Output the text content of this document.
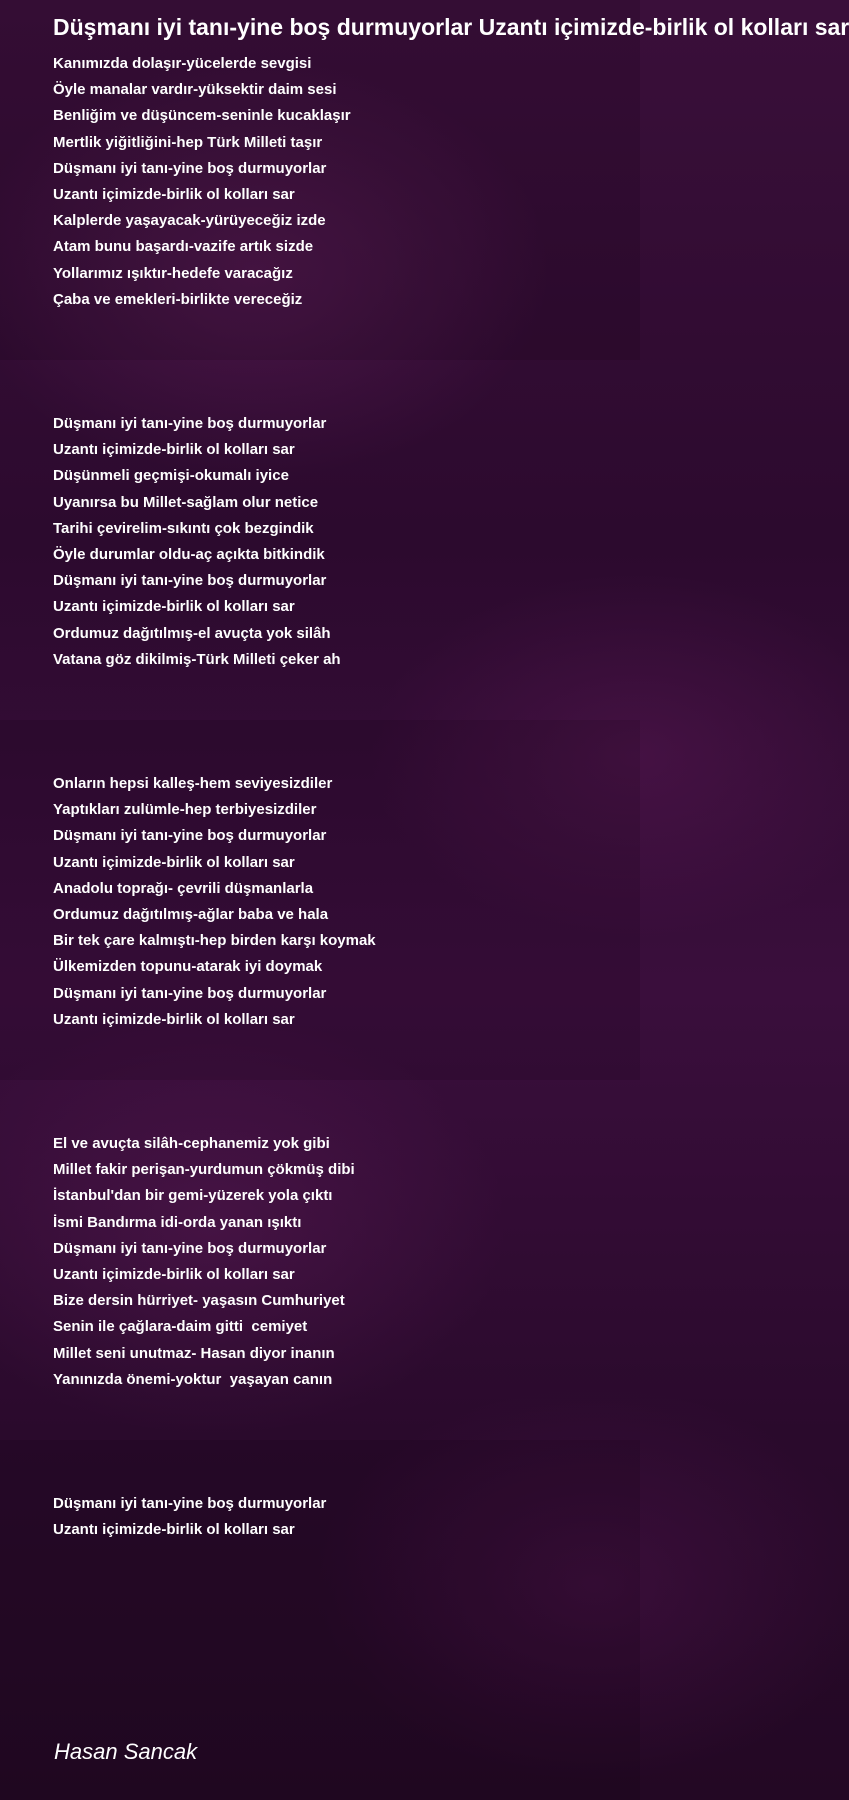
Düşmanı iyi tanı-yine boş durmuyorlar Uzantı içimizde-birlik ol kolları sar
Kanımızda dolaşır-yücelerde sevgisi
Öyle manalar vardır-yüksektir daim sesi
Benliğim ve düşüncem-seninle kucaklaşır
Mertlik yiğitliğini-hep Türk Milleti taşır
Düşmanı iyi tanı-yine boş durmuyorlar
Uzantı içimizde-birlik ol kolları sar
Kalplerde yaşayacak-yürüyeceğiz izde
Atam bunu başardı-vazife artık sizde
Yollarımız ışıktır-hedefe varacağız
Çaba ve emekleri-birlikte vereceğiz
Düşmanı iyi tanı-yine boş durmuyorlar
Uzantı içimizde-birlik ol kolları sar
Düşünmeli geçmişi-okumalı iyice
Uyanırsa bu Millet-sağlam olur netice
Tarihi çevirelim-sıkıntı çok bezgindik
Öyle durumlar oldu-aç açıkta bitkindik
Düşmanı iyi tanı-yine boş durmuyorlar
Uzantı içimizde-birlik ol kolları sar
Ordumuz dağıtılmış-el avuçta yok silâh
Vatana göz dikilmiş-Türk Milleti çeker ah
Onların hepsi kalleş-hem seviyesizdiler
Yaptıkları zulümle-hep terbiyesizdiler
Düşmanı iyi tanı-yine boş durmuyorlar
Uzantı içimizde-birlik ol kolları sar
Anadolu toprağı- çevrili düşmanlarla
Ordumuz dağıtılmış-ağlar baba ve hala
Bir tek çare kalmıştı-hep birden karşı koymak
Ülkemizden topunu-atarak iyi doymak
Düşmanı iyi tanı-yine boş durmuyorlar
Uzantı içimizde-birlik ol kolları sar
El ve avuçta silâh-cephanemiz yok gibi
Millet fakir perişan-yurdumun çökmüş dibi
İstanbul'dan bir gemi-yüzerek yola çıktı
İsmi Bandırma idi-orda yanan ışıktı
Düşmanı iyi tanı-yine boş durmuyorlar
Uzantı içimizde-birlik ol kolları sar
Bize dersin hürriyet- yaşasın Cumhuriyet
Senin ile çağlara-daim gitti  cemiyet
Millet seni unutmaz- Hasan diyor inanın
Yanınızda önemi-yoktur  yaşayan canın
Düşmanı iyi tanı-yine boş durmuyorlar
Uzantı içimizde-birlik ol kolları sar
Hasan Sancak
